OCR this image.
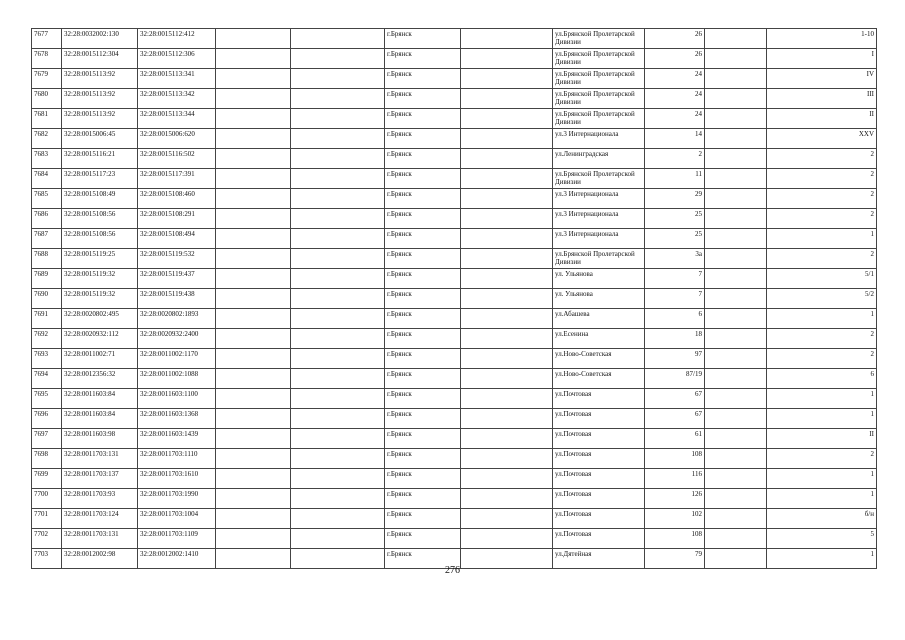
7677	32:28:0032002:130	32:28:0015112:412			г.Брянск		ул.Брянской Пролетарской Дивизии	26		1-10
7678	32:28:0015112:304	32:28:0015112:306			г.Брянск		ул.Брянской Пролетарской Дивизии	26		I
7679	32:28:0015113:92	32:28:0015113:341			г.Брянск		ул.Брянской Пролетарской Дивизии	24		IV
7680	32:28:0015113:92	32:28:0015113:342			г.Брянск		ул.Брянской Пролетарской Дивизии	24		III
7681	32:28:0015113:92	32:28:0015113:344			г.Брянск		ул.Брянской Пролетарской Дивизии	24		II
7682	32:28:0015006:45	32:28:0015006:620			г.Брянск		ул.3 Интернационала	14		XXV
7683	32:28:0015116:21	32:28:0015116:502			г.Брянск		ул.Ленинградская	2		2
7684	32:28:0015117:23	32:28:0015117:391			г.Брянск		ул.Брянской Пролетарской Дивизии	11		2
7685	32:28:0015108:49	32:28:0015108:460			г.Брянск		ул.3 Интернационала	29		2
7686	32:28:0015108:56	32:28:0015108:291			г.Брянск		ул.3 Интернационала	25		2
7687	32:28:0015108:56	32:28:0015108:494			г.Брянск		ул.3 Интернационала	25		1
7688	32:28:0015119:25	32:28:0015119:532			г.Брянск		ул.Брянской Пролетарской Дивизии	3а		2
7689	32:28:0015119:32	32:28:0015119:437			г.Брянск		ул. Ульянова	7		5/1
7690	32:28:0015119:32	32:28:0015119:438			г.Брянск		ул. Ульянова	7		5/2
7691	32:28:0020802:495	32:28:0020802:1893			г.Брянск		ул.Абашева	6		1
7692	32:28:0020932:112	32:28:0020932:2400			г.Брянск		ул.Есенина	18		2
7693	32:28:0011002:71	32:28:0011002:1170			г.Брянск		ул.Ново-Советская	97		2
7694	32:28:0012356:32	32:28:0011002:1088			г.Брянск		ул.Ново-Советская	87/19		6
7695	32:28:0011603:84	32:28:0011603:1100			г.Брянск		ул.Почтовая	67		1
7696	32:28:0011603:84	32:28:0011603:1368			г.Брянск		ул.Почтовая	67		1
7697	32:28:0011603:98	32:28:0011603:1439			г.Брянск		ул.Почтовая	61		II
7698	32:28:0011703:131	32:28:0011703:1110			г.Брянск		ул.Почтовая	108		2
7699	32:28:0011703:137	32:28:0011703:1610			г.Брянск		ул.Почтовая	116		1
7700	32:28:0011703:93	32:28:0011703:1990			г.Брянск		ул.Почтовая	126		1
7701	32:28:0011703:124	32:28:0011703:1004			г.Брянск		ул.Почтовая	102		б/н
7702	32:28:0011703:131	32:28:0011703:1109			г.Брянск		ул.Почтовая	108		5
7703	32:28:0012002:98	32:28:0012002:1410			г.Брянск		ул.Дятейная	79		1
276
